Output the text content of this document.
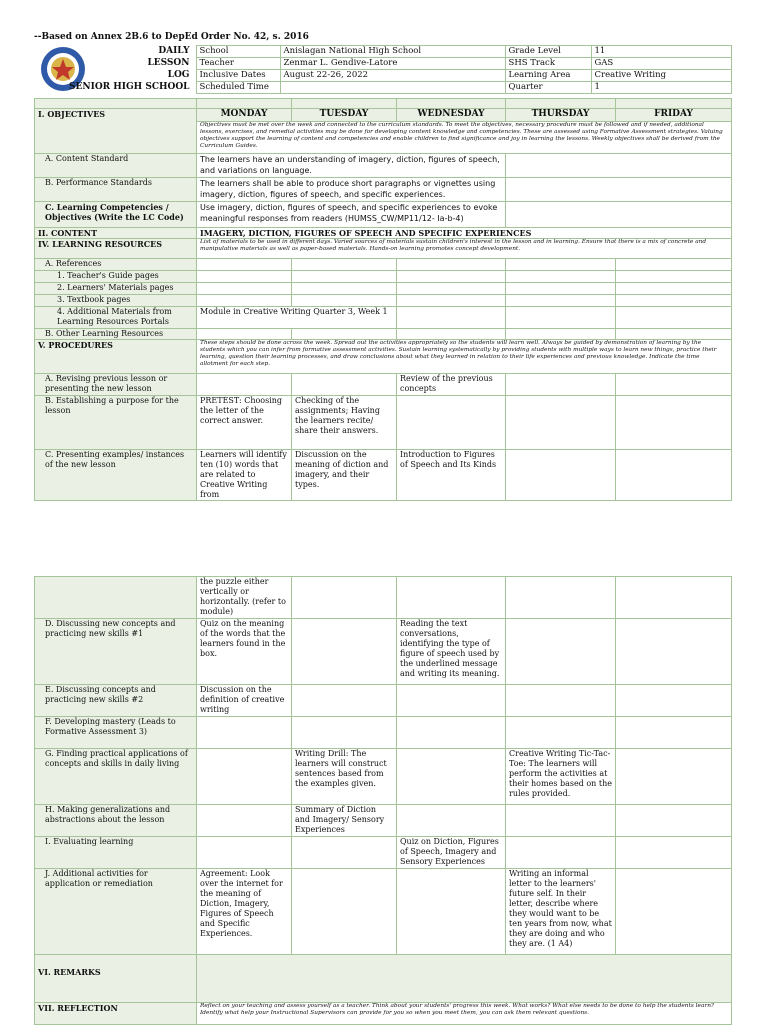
--Based on Annex 2B.6 to DepEd Order No. 42, s. 2016
DAILY	School	Anislagan National High School	Grade Level	11
LESSON	Teacher	Zenmar L. Gendive-Latore	SHS Track	GAS
LOG	Inclusive Dates	August 22-26, 2022	Learning Area	Creative Writing
SENIOR HIGH SCHOOL	Scheduled Time		Quarter	1

I. OBJECTIVES	MONDAY	TUESDAY	WEDNESDAY	THURSDAY	FRIDAY
	Objectives must be met over the week and connected to the curriculum standards. To meet the objectives, necessary procedure must be followed and if needed, additional lessons, exercises, and remedial activities may be done for developing content knowledge and competencies. These are assessed using Formative Assessment strategies. Valuing objectives support the learning of content and competencies and enable children to find significance and joy in learning the lessons. Weekly objectives shall be derived from the Curriculum Guides.				
A. Content Standard	The learners have an understanding of imagery, diction, figures of speech, and variations on language.				
B. Performance Standards	The learners shall be able to produce short paragraphs or vignettes using imagery, diction, figures of speech, and specific experiences.				
C. Learning Competencies / Objectives (Write the LC Code)	Use imagery, diction, figures of speech, and specific experiences to evoke meaningful responses from readers (HUMSS_CW/MP11/12- Ia-b-4)				
II. CONTENT	IMAGERY, DICTION, FIGURES OF SPEECH AND SPECIFIC EXPERIENCES				
IV. LEARNING RESOURCES	List of materials to be used in different days. Varied sources of materials sustain children's interest in the lesson and in learning. Ensure that there is a mix of concrete and manipulative materials as well as paper-based materials. Hands-on learning promotes concept development.				
A. References					
1. Teacher's Guide pages					
2. Learners' Materials pages					
3. Textbook pages					
4. Additional Materials from Learning Resources Portals	Module in Creative Writing Quarter 3, Week 1				
B. Other Learning Resources					
V. PROCEDURES	These steps should be done across the week. Spread out the activities appropriately so the students will learn well. Always be guided by demonstration of learning by the students which you can infer from formative assessment activities. Sustain learning systematically by providing students with multiple ways to learn new things, practice their learning, question their learning processes, and draw conclusions about what they learned in relation to their life experiences and previous knowledge. Indicate the time allotment for each step.				
A. Revising previous lesson or presenting the new lesson			Review of the previous concepts		
B. Establishing a purpose for the lesson	PRETEST: Choosing the letter of the correct answer.	Checking of the assignments; Having the learners recite/ share their answers.			
C. Presenting examples/ instances of the new lesson	Learners will identify ten (10) words that are related to Creative Writing from	Discussion on the meaning of diction and imagery, and their types.	Introduction to Figures of Speech and Its Kinds		
	the puzzle either vertically or horizontally. (refer to module)				
D. Discussing new concepts and practicing new skills #1	Quiz on the meaning of the words that the learners found in the box.		Reading the text conversations, identifying the type of figure of speech used by the underlined message and writing its meaning.		
E. Discussing concepts and practicing new skills #2	Discussion on the definition of creative writing				
F. Developing mastery (Leads to Formative Assessment 3)					
G. Finding practical applications of concepts and skills in daily living		Writing Drill: The learners will construct sentences based from the examples given.		Creative Writing Tic-Tac-Toe: The learners will perform the activities at their homes based on the rules provided.	
H. Making generalizations and abstractions about the lesson		Summary of Diction and Imagery/ Sensory Experiences			
I. Evaluating learning			Quiz on Diction, Figures of Speech, Imagery and Sensory Experiences		
J. Additional activities for application or remediation	Agreement: Look over the internet for the meaning of Diction, Imagery, Figures of Speech and Specific Experiences.			Writing an informal letter to the learners' future self. In their letter, describe where they would want to be ten years from now, what they are doing and who they are. (1 A4)	
VI. REMARKS					
VII. REFLECTION	Reflect on your teaching and assess yourself as a teacher. Think about your students' progress this week. What works? What else needs to be done to help the students learn? Identify what help your Instructional Supervisors can provide for you so when you meet them, you can ask them relevant questions.				
